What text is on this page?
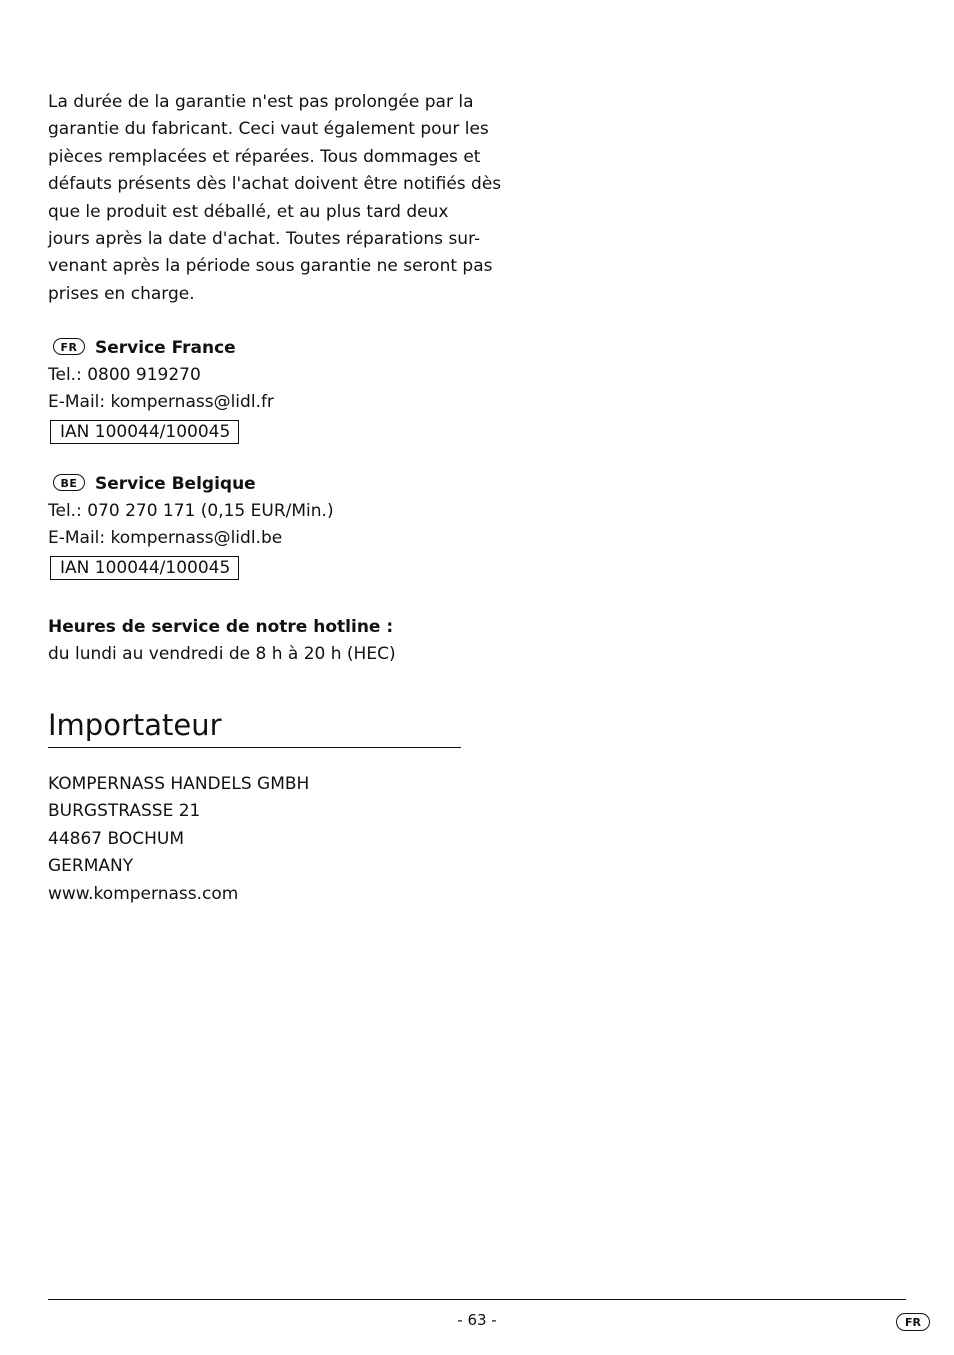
La durée de la garantie n'est pas prolongée par la
garantie du fabricant. Ceci vaut également pour les
pièces remplacées et réparées. Tous dommages et
défauts présents dès l'achat doivent être notifiés dès
que le produit est déballé, et au plus tard deux
jours après la date d'achat. Toutes réparations sur-
venant après la période sous garantie ne seront pas
prises en charge.

FR Service France
Tel.: 0800 919270
E-Mail: kompernass@lidl.fr
IAN 100044/100045
BE Service Belgique
Tel.: 070 270 171 (0,15 EUR/Min.)
E-Mail: kompernass@lidl.be
IAN 100044/100045
Heures de service de notre hotline :
du lundi au vendredi de 8 h à 20 h (HEC)
Importateur

KOMPERNASS HANDELS GMBH
BURGSTRASSE 21
44867 BOCHUM
GERMANY
www.kompernass.com

- 63 -	FR
